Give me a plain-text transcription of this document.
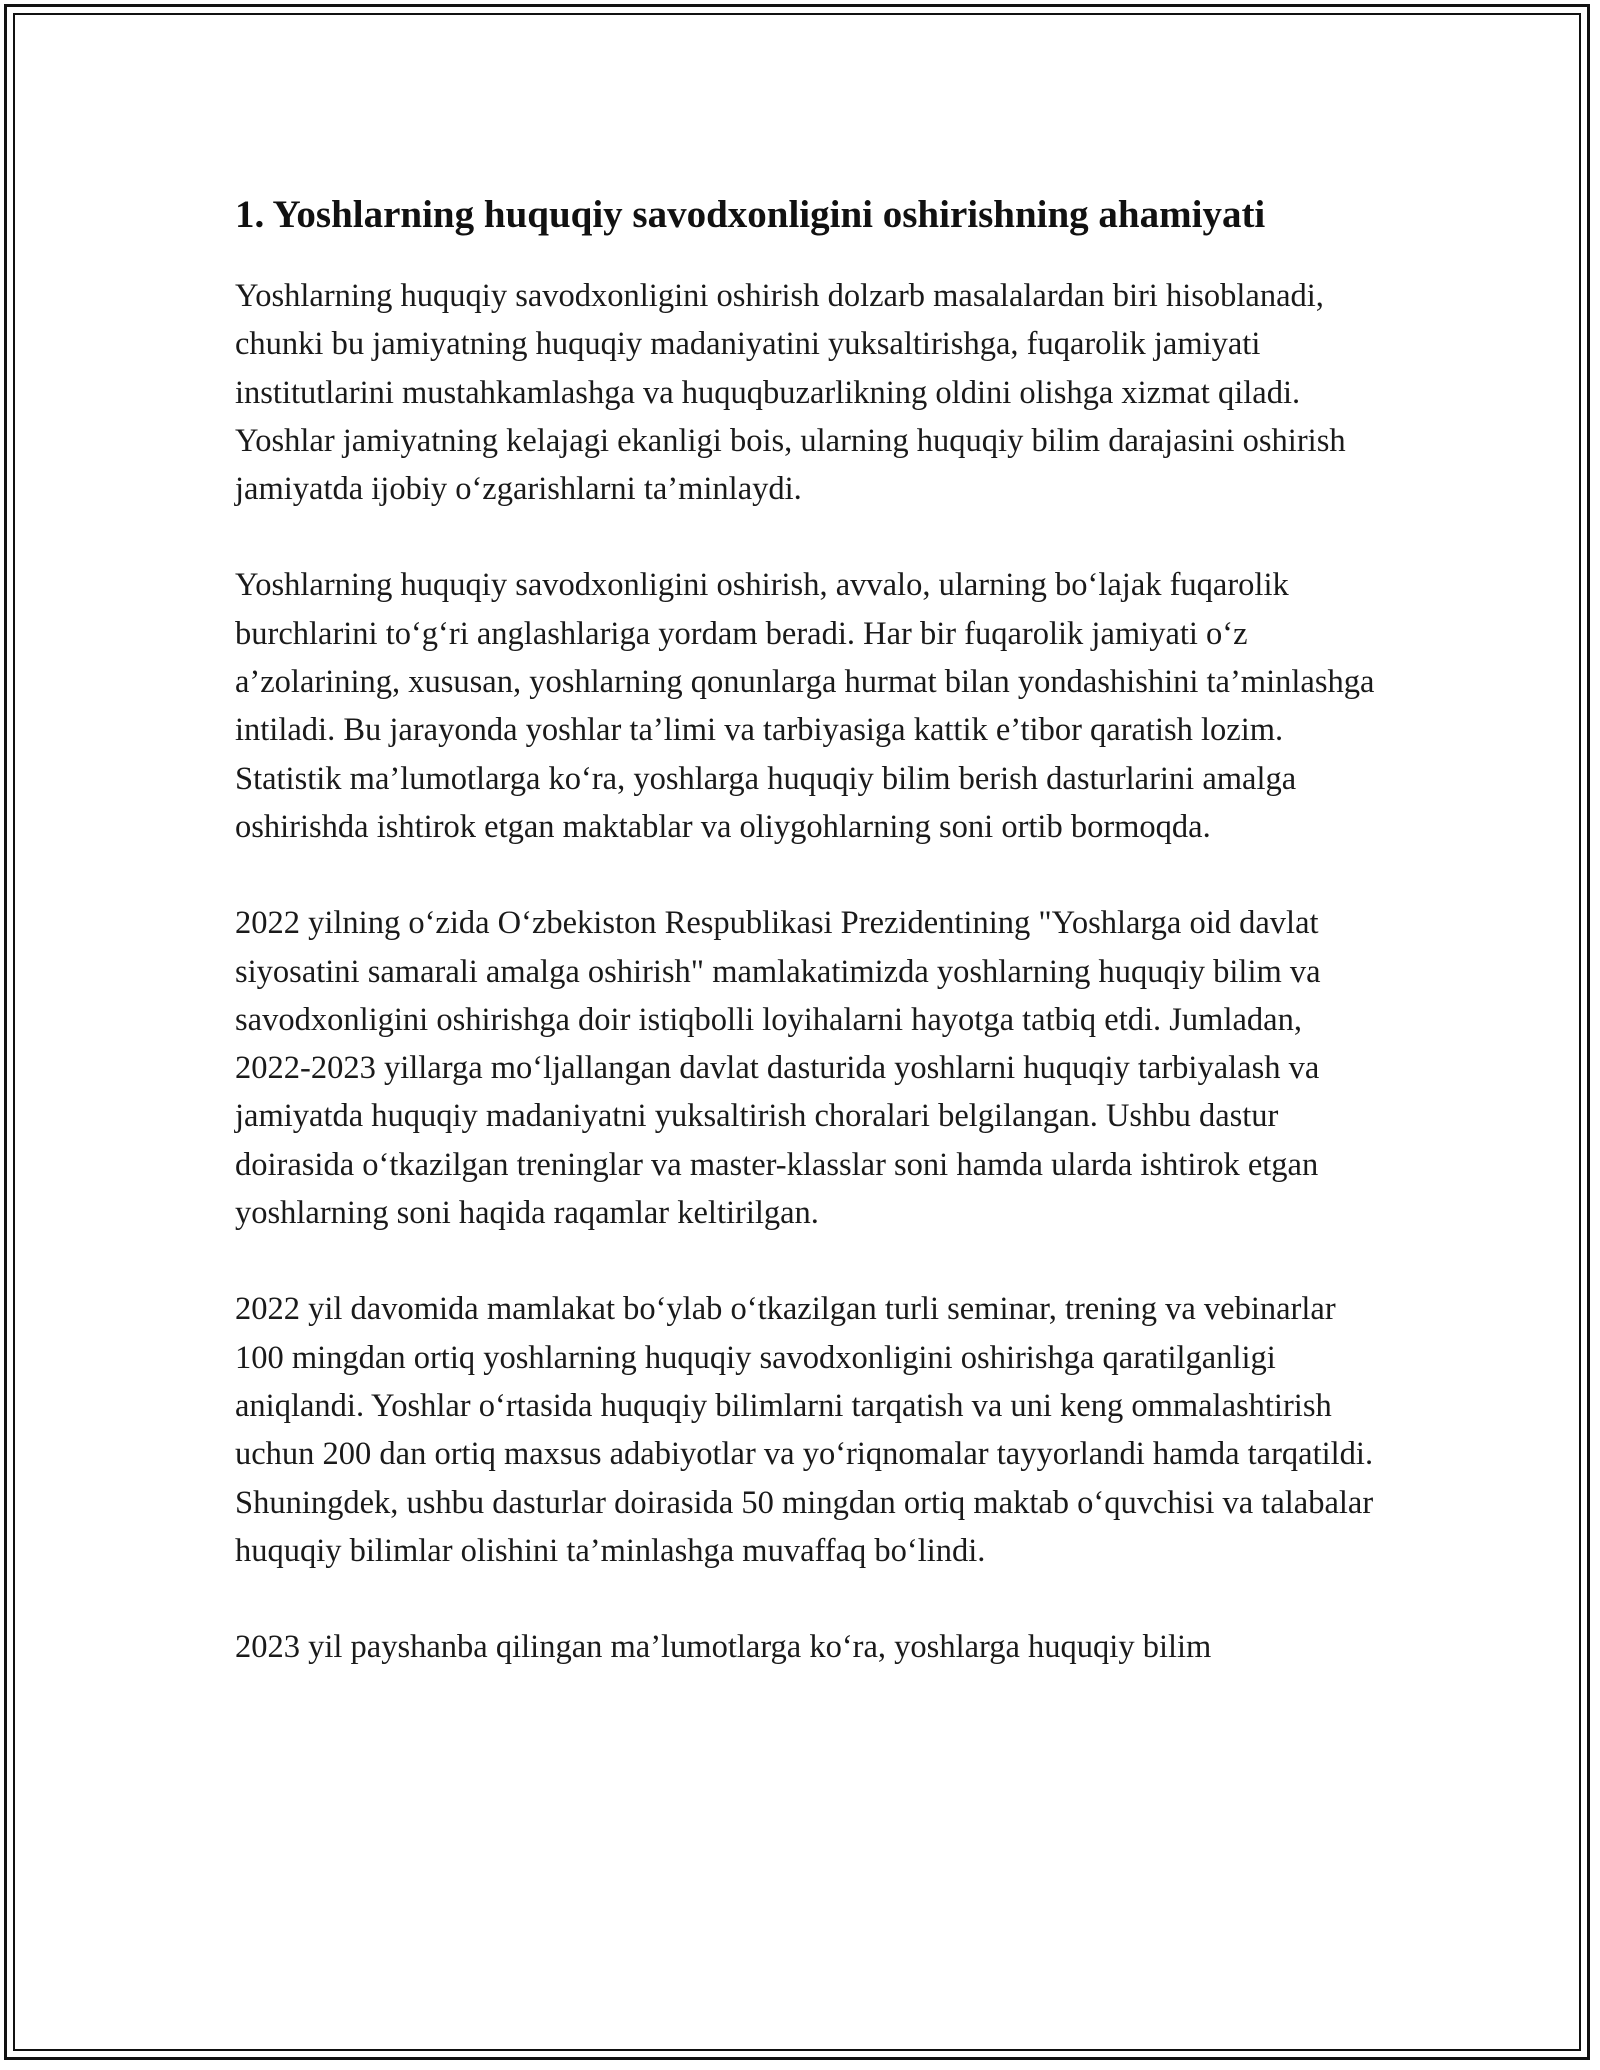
1. Yoshlarning huquqiy savodxonligini oshirishning ahamiyati

Yoshlarning huquqiy savodxonligini oshirish dolzarb masalalardan biri hisoblanadi, chunki bu jamiyatning huquqiy madaniyatini yuksaltirishga, fuqarolik jamiyati institutlarini mustahkamlashga va huquqbuzarlikning oldini olishga xizmat qiladi. Yoshlar jamiyatning kelajagi ekanligi bois, ularning huquqiy bilim darajasini oshirish jamiyatda ijobiy o‘zgarishlarni ta’minlaydi.

Yoshlarning huquqiy savodxonligini oshirish, avvalo, ularning bo‘lajak fuqarolik burchlarini to‘g‘ri anglashlariga yordam beradi. Har bir fuqarolik jamiyati o‘z a’zolarining, xususan, yoshlarning qonunlarga hurmat bilan yondashishini ta’minlashga intiladi. Bu jarayonda yoshlar ta’limi va tarbiyasiga kattik e’tibor qaratish lozim. Statistik ma’lumotlarga ko‘ra, yoshlarga huquqiy bilim berish dasturlarini amalga oshirishda ishtirok etgan maktablar va oliygohlarning soni ortib bormoqda.

2022 yilning o‘zida O‘zbekiston Respublikasi Prezidentining "Yoshlarga oid davlat siyosatini samarali amalga oshirish" mamlakatimizda yoshlarning huquqiy bilim va savodxonligini oshirishga doir istiqbolli loyihalarni hayotga tatbiq etdi. Jumladan, 2022-2023 yillarga mo‘ljallangan davlat dasturida yoshlarni huquqiy tarbiyalash va jamiyatda huquqiy madaniyatni yuksaltirish choralari belgilangan. Ushbu dastur doirasida o‘tkazilgan treninglar va master-klasslar soni hamda ularda ishtirok etgan yoshlarning soni haqida raqamlar keltirilgan.

2022 yil davomida mamlakat bo‘ylab o‘tkazilgan turli seminar, trening va vebinarlar 100 mingdan ortiq yoshlarning huquqiy savodxonligini oshirishga qaratilganligi aniqlandi. Yoshlar o‘rtasida huquqiy bilimlarni tarqatish va uni keng ommalashtirish uchun 200 dan ortiq maxsus adabiyotlar va yo‘riqnomalar tayyorlandi hamda tarqatildi. Shuningdek, ushbu dasturlar doirasida 50 mingdan ortiq maktab o‘quvchisi va talabalar huquqiy bilimlar olishini ta’minlashga muvaffaq bo‘lindi.

2023 yil payshanba qilingan ma’lumotlarga ko‘ra, yoshlarga huquqiy bilim
